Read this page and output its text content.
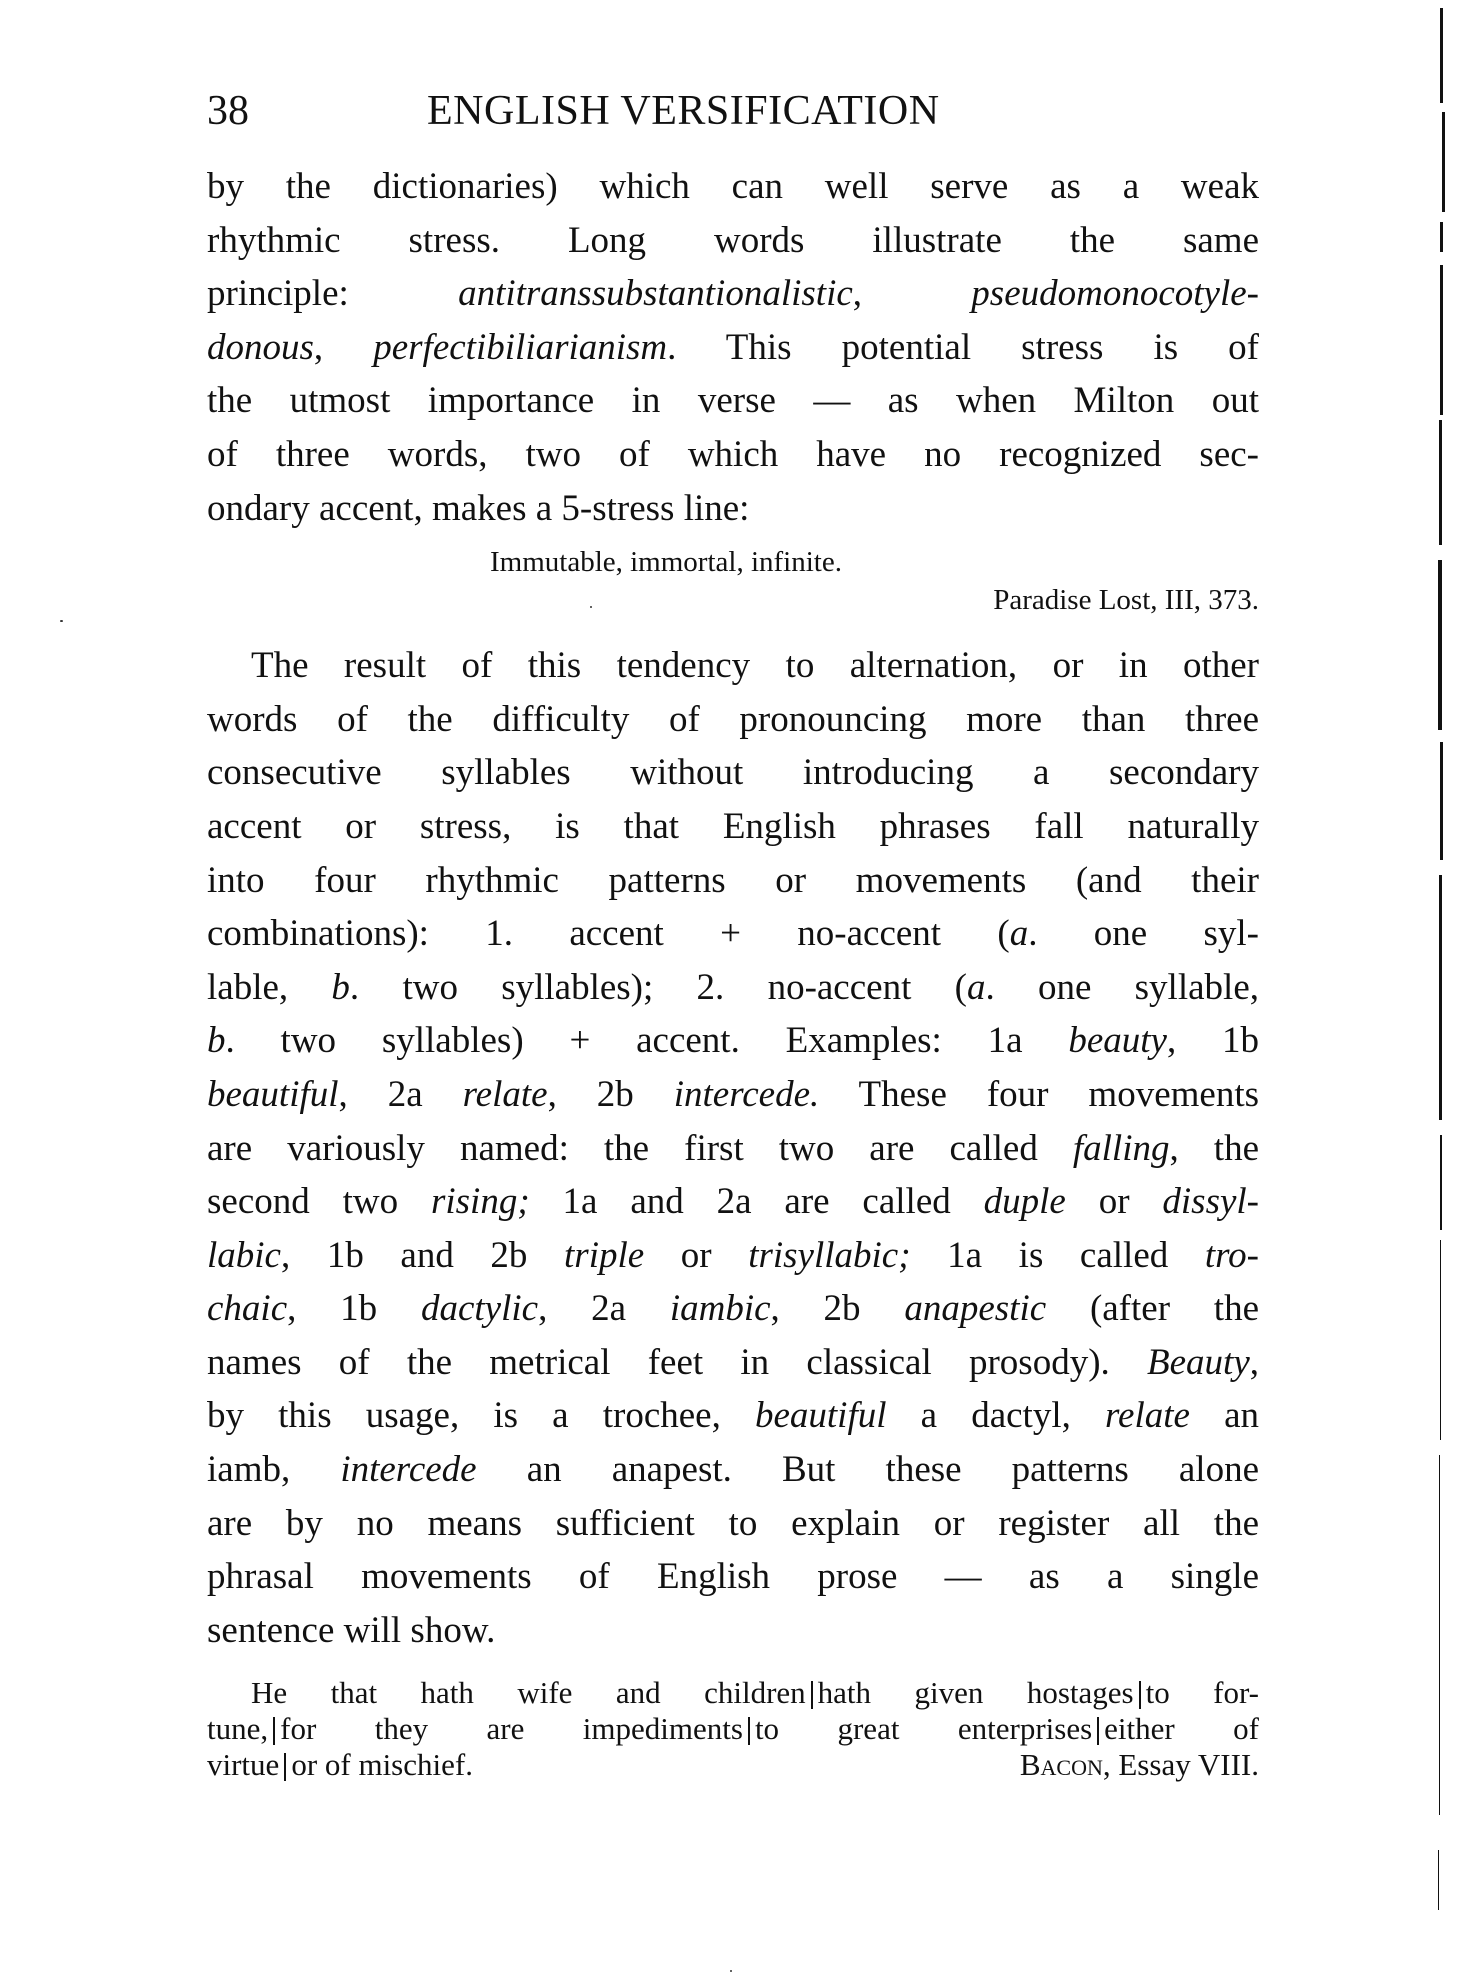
38	ENGLISH VERSIFICATION
by the dictionaries) which can well serve as a weak
rhythmic stress. Long words illustrate the same
principle: antitranssubstantionalistic, pseudomonocotyle-
donous, perfectibiliarianism. This potential stress is of
the utmost importance in verse — as when Milton out
of three words, two of which have no recognized sec-
ondary accent, makes a 5-stress line:
Immutable, immortal, infinite.
Paradise Lost, III, 373.
The result of this tendency to alternation, or in other
words of the difficulty of pronouncing more than three
consecutive syllables without introducing a secondary
accent or stress, is that English phrases fall naturally
into four rhythmic patterns or movements (and their
combinations): 1. accent + no-accent (a. one syl-
lable, b. two syllables); 2. no-accent (a. one syllable,
b. two syllables) + accent. Examples: 1a beauty, 1b
beautiful, 2a relate, 2b intercede. These four movements
are variously named: the first two are called falling, the
second two rising; 1a and 2a are called duple or dissyl-
labic, 1b and 2b triple or trisyllabic; 1a is called tro-
chaic, 1b dactylic, 2a iambic, 2b anapestic (after the
names of the metrical feet in classical prosody). Beauty,
by this usage, is a trochee, beautiful a dactyl, relate an
iamb, intercede an anapest. But these patterns alone
are by no means sufficient to explain or register all the
phrasal movements of English prose — as a single
sentence will show.
He that hath wife and children hath given hostages to for-
tune, for they are impediments to great enterprises either of
virtue or of mischief.	Bacon, Essay VIII.
